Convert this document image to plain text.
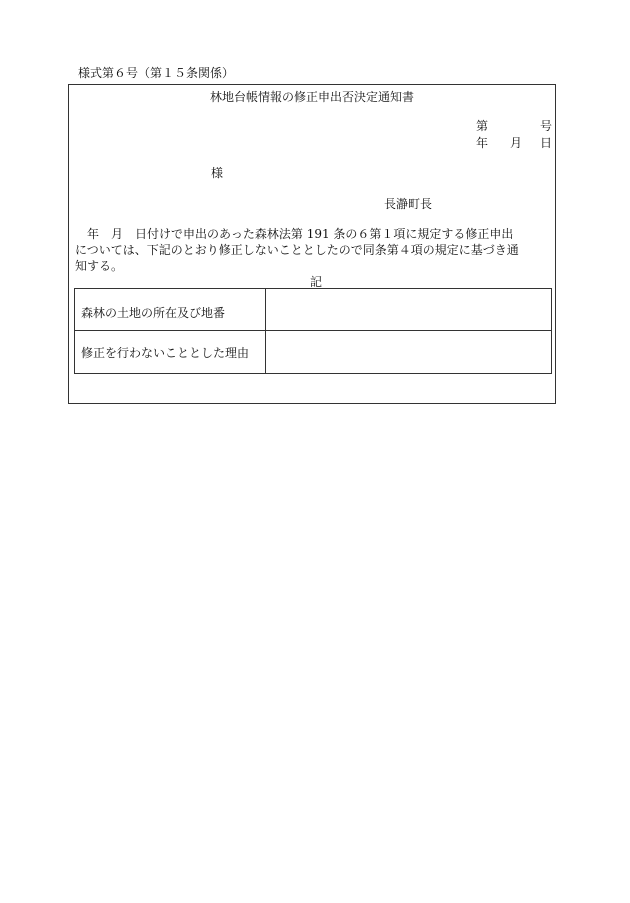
様式第６号（第１５条関係）
林地台帳情報の修正申出否決定通知書
第	号
年 月 日
様
長瀞町長
年　月　日付けで申出のあった森林法第 191 条の６第１項に規定する修正申出
については、下記のとおり修正しないこととしたので同条第４項の規定に基づき通
知する。
記
森林の土地の所在及び地番
修正を行わないこととした理由
